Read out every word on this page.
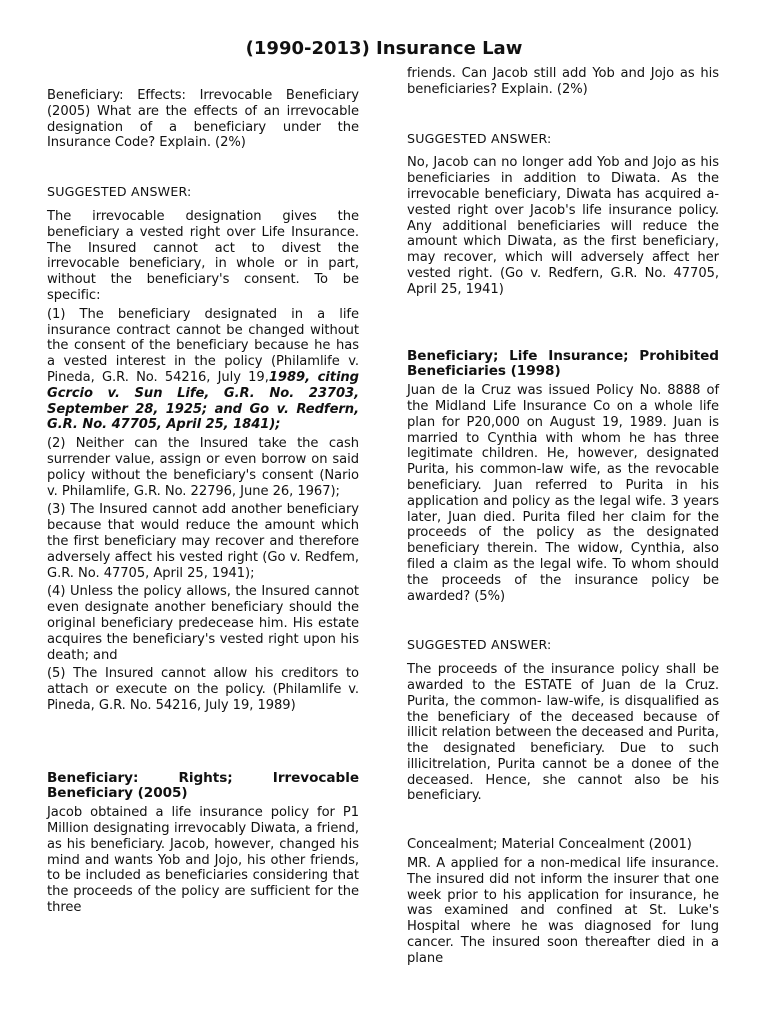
(1990-2013) Insurance Law

Beneficiary: Effects: Irrevocable Beneficiary (2005) What are the effects of an irrevocable designation of a beneficiary under the Insurance Code? Explain. (2%)

SUGGESTED ANSWER:

The irrevocable designation gives the beneficiary a vested right over Life Insurance. The Insured cannot act to divest the irrevocable beneficiary, in whole or in part, without the beneficiary's consent. To be specific:

(1) The beneficiary designated in a life insurance contract cannot be changed without the consent of the beneficiary because he has a vested interest in the policy (Philamlife v. Pineda, G.R. No. 54216, July 19,1989, citing Gcrcio v. Sun Life, G.R. No. 23703, September 28, 1925; and Go v. Redfern, G.R. No. 47705, April 25, 1841);

(2) Neither can the Insured take the cash surrender value, assign or even borrow on said policy without the beneficiary's consent (Nario v. Philamlife, G.R. No. 22796, June 26, 1967);

(3) The Insured cannot add another beneficiary because that would reduce the amount which the first beneficiary may recover and therefore adversely affect his vested right (Go v. Redfem, G.R. No. 47705, April 25, 1941);

(4) Unless the policy allows, the Insured cannot even designate another beneficiary should the original beneficiary predecease him. His estate acquires the beneficiary's vested right upon his death; and

(5) The Insured cannot allow his creditors to attach or execute on the policy. (Philamlife v. Pineda, G.R. No. 54216, July 19, 1989)

Beneficiary: Rights; Irrevocable Beneficiary (2005)

Jacob obtained a life insurance policy for P1 Million designating irrevocably Diwata, a friend, as his beneficiary. Jacob, however, changed his mind and wants Yob and Jojo, his other friends, to be included as beneficiaries considering that the proceeds of the policy are sufficient for the three

friends. Can Jacob still add Yob and Jojo as his beneficiaries? Explain. (2%)

SUGGESTED ANSWER:

No, Jacob can no longer add Yob and Jojo as his beneficiaries in addition to Diwata. As the irrevocable beneficiary, Diwata has acquired a-vested right over Jacob's life insurance policy. Any additional beneficiaries will reduce the amount which Diwata, as the first beneficiary, may recover, which will adversely affect her vested right. (Go v. Redfern, G.R. No. 47705, April 25, 1941)

Beneficiary; Life Insurance; Prohibited Beneficiaries (1998)

Juan de la Cruz was issued Policy No. 8888 of the Midland Life Insurance Co on a whole life plan for P20,000 on August 19, 1989. Juan is married to Cynthia with whom he has three legitimate children. He, however, designated Purita, his common-law wife, as the revocable beneficiary. Juan referred to Purita in his application and policy as the legal wife. 3 years later, Juan died. Purita filed her claim for the proceeds of the policy as the designated beneficiary therein. The widow, Cynthia, also filed a claim as the legal wife. To whom should the proceeds of the insurance policy be awarded? (5%)

SUGGESTED ANSWER:

The proceeds of the insurance policy shall be awarded to the ESTATE of Juan de la Cruz. Purita, the common- law-wife, is disqualified as the beneficiary of the deceased because of illicit relation between the deceased and Purita, the designated beneficiary. Due to such illicitrelation, Purita cannot be a donee of the deceased. Hence, she cannot also be his beneficiary.

Concealment; Material Concealment (2001)

MR. A applied for a non-medical life insurance. The insured did not inform the insurer that one week prior to his application for insurance, he was examined and confined at St. Luke's Hospital where he was diagnosed for lung cancer. The insured soon thereafter died in a plane
